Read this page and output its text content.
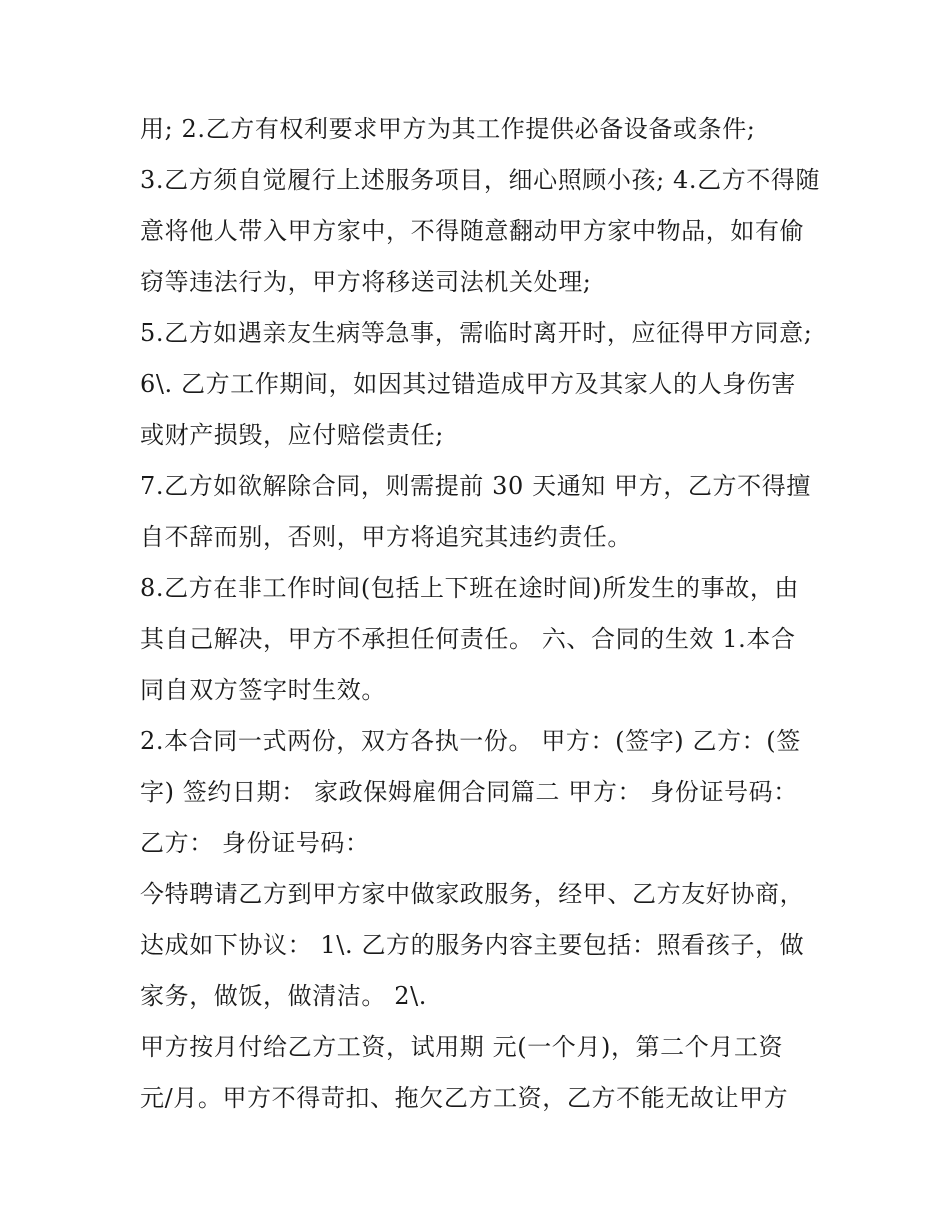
用; 2.乙方有权利要求甲方为其工作提供必备设备或条件;
3.乙方须自觉履行上述服务项目，细心照顾小孩; 4.乙方不得随
意将他人带入甲方家中，不得随意翻动甲方家中物品，如有偷
窃等违法行为，甲方将移送司法机关处理;
5.乙方如遇亲友生病等急事，需临时离开时，应征得甲方同意;
6\. 乙方工作期间，如因其过错造成甲方及其家人的人身伤害
或财产损毁，应付赔偿责任;
7.乙方如欲解除合同，则需提前 30 天通知 甲方，乙方不得擅
自不辞而别，否则，甲方将追究其违约责任。
8.乙方在非工作时间(包括上下班在途时间)所发生的事故，由
其自己解决，甲方不承担任何责任。 六、合同的生效 1.本合
同自双方签字时生效。
2.本合同一式两份，双方各执一份。 甲方：(签字) 乙方：(签
字) 签约日期： 家政保姆雇佣合同篇二 甲方： 身份证号码：
乙方： 身份证号码：
今特聘请乙方到甲方家中做家政服务，经甲、乙方友好协商，
达成如下协议： 1\. 乙方的服务内容主要包括：照看孩子，做
家务，做饭，做清洁。 2\.
甲方按月付给乙方工资，试用期 元(一个月)，第二个月工资
元/月。甲方不得苛扣、拖欠乙方工资，乙方不能无故让甲方
